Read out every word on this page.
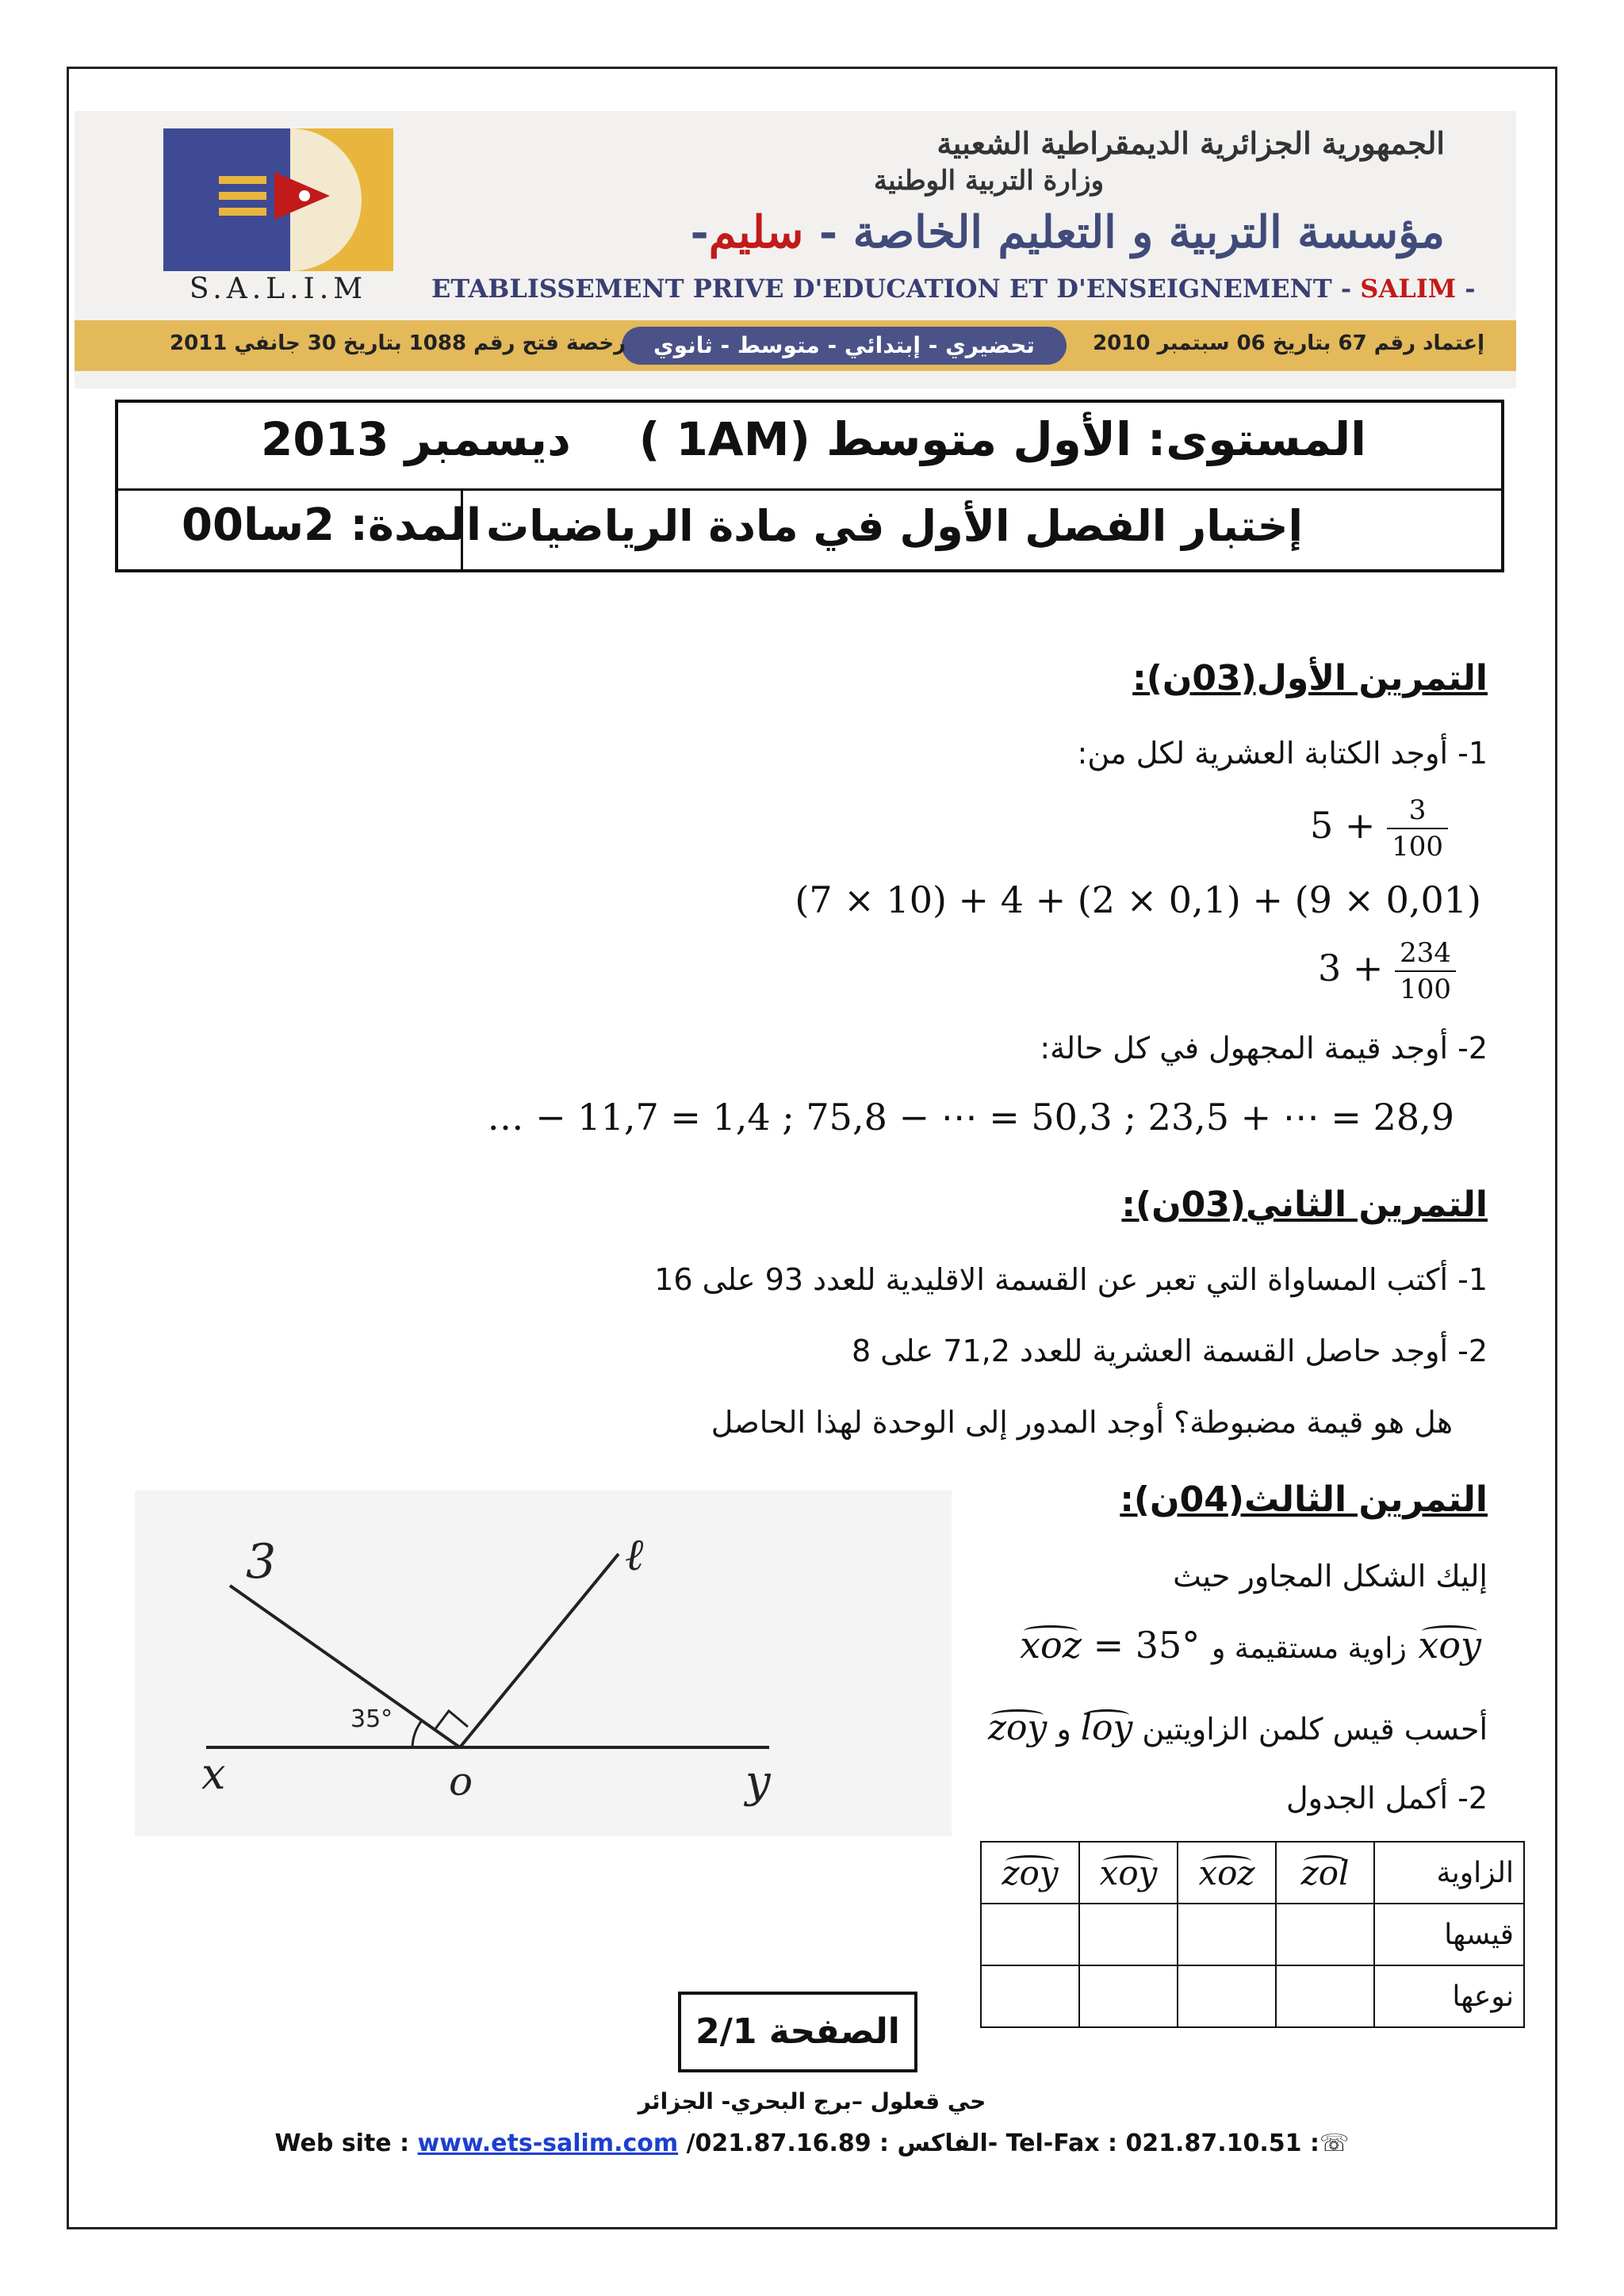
S.A.L.I.M
الجمهورية الجزائرية الديمقراطية الشعبية
وزارة التربية الوطنية
مؤسسة التربية و التعليم الخاصة - سليم-
ETABLISSEMENT PRIVE D'EDUCATION ET D'ENSEIGNEMENT - SALIM -
إعتماد رقم 67 بتاريخ 06 سبتمبر 2010
تحضيري - إبتدائي - متوسط - ثانوي
رخصة فتح رقم 1088 بتاريخ 30 جانفي 2011
المستوى: الأول متوسط (1AM )
ديسمبر 2013
إختبار الفصل الأول في مادة الرياضيات
المدة: 2سا00
التمرين الأول(03ن):
1- أوجد الكتابة العشرية لكل من:
$5 + \frac{3}{100}$
(7 × 10) + 4 + (2 × 0,1) + (9 × 0,01)
$3 + \frac{234}{100}$
2- أوجد قيمة المجهول في كل حالة:
… − 11,7 = 1,4 ; 75,8 − ⋯ = 50,3 ; 23,5 + ⋯ = 28,9
التمرين الثاني(03ن):
1- أكتب المساواة التي تعبر عن القسمة الاقليدية للعدد 93 على 16
2- أوجد حاصل القسمة العشرية للعدد 71,2 على 8
هل هو قيمة مضبوطة؟ أوجد المدور إلى الوحدة لهذا الحاصل
التمرين الثالث(04ن):
إليك الشكل المجاور حيث
xoz = 35° زاوية مستقيمة و xoy
أحسب قيس كلمن الزاويتين loy و zoy
2- أكمل الجدول
3	ℓ
x	o	y
35°
zoy	xoy	xoz	zol	الزاوية
				قيسها
				نوعها
الصفحة 2/1
حي قعلول –برج البحري- الجزائر
Web site : www.ets-salim.com /021.87.16.89 : الفاكس- Tel-Fax : 021.87.10.51 :☏
